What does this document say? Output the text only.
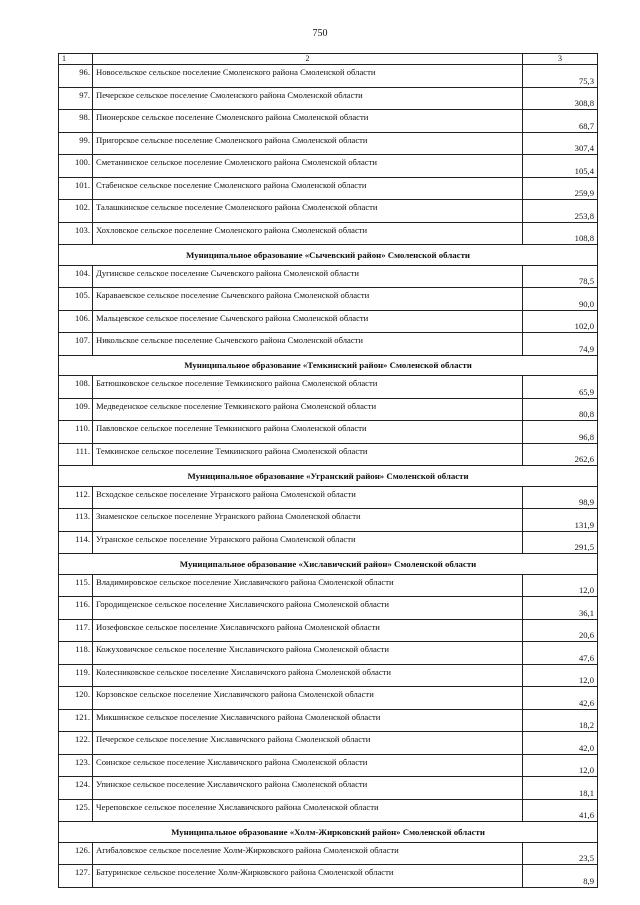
750
1	2	3
96.	Новосельское сельское поселение Смоленского района Смоленской области	75,3
97.	Печерское сельское поселение Смоленского района Смоленской области	308,8
98.	Пионерское сельское поселение Смоленского района Смоленской области	68,7
99.	Пригорское сельское поселение Смоленского района Смоленской области	307,4
100.	Сметанинское сельское поселение Смоленского района Смоленской области	105,4
101.	Стабенское сельское поселение Смоленского района Смоленской области	259,9
102.	Талашкинское сельское поселение Смоленского района Смоленской области	253,8
103.	Хохловское сельское поселение Смоленского района Смоленской области	108,8
Муниципальное образование «Сычевский район» Смоленской области		
104.	Дугинское сельское поселение Сычевского района Смоленской области	78,5
105.	Караваевское сельское поселение Сычевского района Смоленской области	90,0
106.	Мальцевское сельское поселение Сычевского района Смоленской области	102,0
107.	Никольское сельское поселение Сычевского района Смоленской области	74,9
Муниципальное образование «Темкинский район» Смоленской области		
108.	Батюшковское сельское поселение Темкинского района Смоленской области	65,9
109.	Медведенское сельское поселение Темкинского района Смоленской области	80,8
110.	Павловское сельское поселение Темкинского района Смоленской области	96,8
111.	Темкинское сельское поселение Темкинского района Смоленской области	262,6
Муниципальное образование «Угранский район» Смоленской области		
112.	Всходское сельское поселение Угранского района Смоленской области	98,9
113.	Знаменское сельское поселение Угранского района Смоленской области	131,9
114.	Угранское сельское поселение Угранского района Смоленской области	291,5
Муниципальное образование «Хиславичский район» Смоленской области		
115.	Владимировское сельское поселение Хиславичского района Смоленской области	12,0
116.	Городищенское сельское поселение Хиславичского района Смоленской области	36,1
117.	Иозефовское сельское поселение Хиславичского района Смоленской области	20,6
118.	Кожуховичское сельское поселение Хиславичского района Смоленской области	47,6
119.	Колесниковское сельское поселение Хиславичского района Смоленской области	12,0
120.	Корзовское сельское поселение Хиславичского района Смоленской области	42,6
121.	Микшинское сельское поселение Хиславичского района Смоленской области	18,2
122.	Печерское сельское поселение Хиславичского района Смоленской области	42,0
123.	Соинское сельское поселение Хиславичского района Смоленской области	12,0
124.	Упинское сельское поселение Хиславичского района Смоленской области	18,1
125.	Череповское сельское поселение Хиславичского района Смоленской области	41,6
Муниципальное образование «Холм-Жирковский район» Смоленской области		
126.	Агибаловское сельское поселение Холм-Жирковского района Смоленской области	23,5
127.	Батуринское сельское поселение Холм-Жирковского района Смоленской области	8,9
